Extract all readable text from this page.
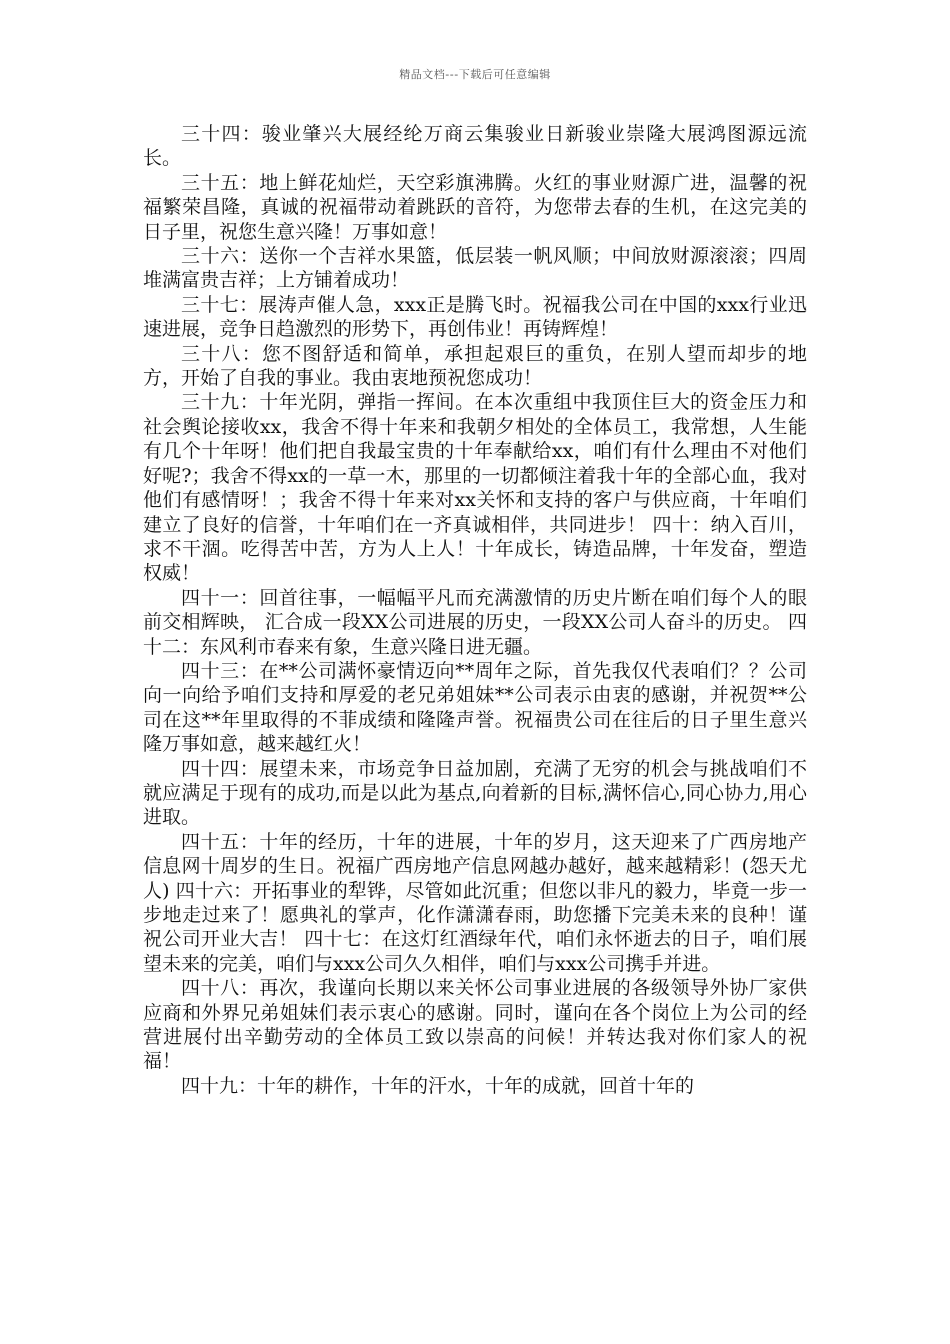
精品文档---下载后可任意编辑

三十四：骏业肇兴大展经纶万商云集骏业日新骏业崇隆大展鸿图源远流长。

三十五：地上鲜花灿烂，天空彩旗沸腾。火红的事业财源广进，温馨的祝福繁荣昌隆，真诚的祝福带动着跳跃的音符，为您带去春的生机，在这完美的日子里，祝您生意兴隆！万事如意！

三十六：送你一个吉祥水果篮，低层装一帆风顺；中间放财源滚滚；四周堆满富贵吉祥；上方铺着成功！

三十七：展涛声催人急，xxx正是腾飞时。祝福我公司在中国的xxx行业迅速进展，竞争日趋激烈的形势下，再创伟业！再铸辉煌！

三十八：您不图舒适和简单，承担起艰巨的重负，在别人望而却步的地方，开始了自我的事业。我由衷地预祝您成功！

三十九：十年光阴，弹指一挥间。在本次重组中我顶住巨大的资金压力和社会舆论接收xx，我舍不得十年来和我朝夕相处的全体员工，我常想，人生能有几个十年呀！他们把自我最宝贵的十年奉献给xx，咱们有什么理由不对他们好呢?；我舍不得xx的一草一木，那里的一切都倾注着我十年的全部心血，我对他们有感情呀！；我舍不得十年来对xx关怀和支持的客户与供应商，十年咱们建立了良好的信誉，十年咱们在一齐真诚相伴，共同进步！ 四十：纳入百川，求不干涸。吃得苦中苦，方为人上人！十年成长，铸造品牌，十年发奋，塑造权威！

四十一：回首往事，一幅幅平凡而充满激情的历史片断在咱们每个人的眼前交相辉映， 汇合成一段XX公司进展的历史，一段XX公司人奋斗的历史。 四十二：东风利市春来有象，生意兴隆日进无疆。

四十三：在**公司满怀豪情迈向**周年之际，首先我仅代表咱们？？公司向一向给予咱们支持和厚爱的老兄弟姐妹**公司表示由衷的感谢，并祝贺**公司在这**年里取得的不菲成绩和隆隆声誉。祝福贵公司在往后的日子里生意兴隆万事如意，越来越红火！

四十四：展望未来，市场竞争日益加剧，充满了无穷的机会与挑战咱们不就应满足于现有的成功,而是以此为基点,向着新的目标,满怀信心,同心协力,用心进取。

四十五：十年的经历，十年的进展，十年的岁月，这天迎来了广西房地产信息网十周岁的生日。祝福广西房地产信息网越办越好，越来越精彩！(怨天尤人) 四十六：开拓事业的犁铧，尽管如此沉重；但您以非凡的毅力，毕竟一步一步地走过来了！愿典礼的掌声，化作潇潇春雨，助您播下完美未来的良种！谨祝公司开业大吉！ 四十七：在这灯红酒绿年代，咱们永怀逝去的日子，咱们展望未来的完美，咱们与xxx公司久久相伴，咱们与xxx公司携手并进。

四十八：再次，我谨向长期以来关怀公司事业进展的各级领导外协厂家供应商和外界兄弟姐妹们表示衷心的感谢。同时，谨向在各个岗位上为公司的经营进展付出辛勤劳动的全体员工致以崇高的问候！并转达我对你们家人的祝福！

四十九：十年的耕作，十年的汗水，十年的成就，回首十年的
